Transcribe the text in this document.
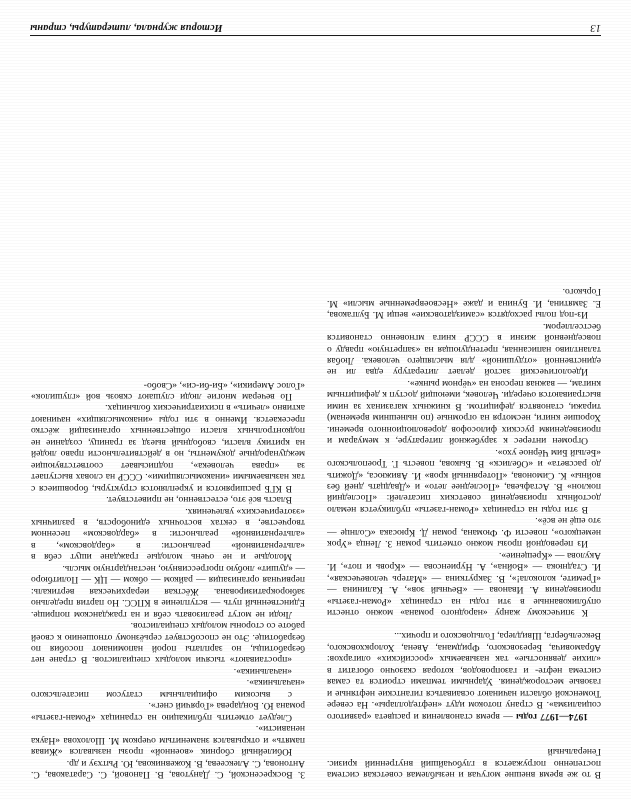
В то же время внешне могучая и незыблемая советская система постепенно погружается в глубочайший внутренний кризис. Генеральный

1974—1977 годы — время становления и расцвета «развитого социализма». В страну потоком идут «нефтедоллары». На севере Тюменской области начинают осваиваться гигантские нефтяные и газовые месторождения. Ударными темпами строится та самая система нефте- и газопроводов, которая сказочно обогатит в «лихие девяностые» так называемых «российских» олигархов: Абрамовича, Березовского, Фридмана, Авена, Холоркховского, Вексельберга, Швидлера, Гольцовского и прочих...

К эпическому жанру «народного романа» можно отнести опубликованные в эти годы на страницах «Роман-газеты» произведения А. Иванова — «Вечный зов», А. Калинина — «Гремите, колокола!», В. Закруткина — «Матерь человеческая», И. Стаднюка — «Война», А. Нуриенсова — «Кровь и пот», И. Акулова — «Крещение».

Из переводной прозы можно отметить роман З. Ленца «Урок немецкого», повести Ф. Фюмана, роман Д. Крюсака «Солнце — это ещё не всё».

В эти годы на страницах «Роман-газеты» публикуется немало достойных произведений советских писателей: «Последний поклон» В. Астафьева, «Последнее лето» и «Двадцать дней без войны» К. Симонова, «Потерянный кров» И. Авижюса, «Дожить до рассвета» и «Обелиск» В. Быкова, повесть Г. Троепольского «Белый Бим Чёрное ухо».

Огромен интерес к зарубежной литературе, к мемуарам и произведениям русских философов дореволюционного времени. Хорошие книги, несмотря на огромные (по нынешним временам) тиражи, становятся дефицитом. В книжных магазинах за ними выстраиваются очереди. Человек, имеющий доступ к дефицитным книгам, — важная персона на «чёрном рынке».

Идеологический застой делает литературу едва ли не единственной «отдушиной» для мыслящего человека. Любая талантливо написанная, претендующая на «запретную» правду о повседневной жизни в СССР книга мгновенно становится бестселлером.

Из-под полы расходятся «самиздатовские» вещи М. Булгакова, Е. Замятина, И. Бунина и даже «Несвоевременные мысли» М. Горького.

3. Воскресенской, С. Данутова, В. Пановой, С. Саратакова, С. Антонова, С. Алексеева, В. Кожевникова, Ю. Рытхэу и др.

Юбилейный сборник «военной» прозы назывался «Живая память» и открывался знаменитым очерком М. Шолохова «Наука ненависти».

Следует отметить публикацию на страницах «Роман-газеты» романа Ю. Бондарева «Горячий снег».

с высоким официальным статусом писательского «начальника».

«начальника».

«простаивают» тысячи молодых специалистов. В стране нет безработицы, но зарплаты порой напоминают пособия по безработице. Это не способствует серьёзному отношению к своей работе со стороны молодых специалистов.

Люди не могут реализовать себя и на гражданском поприще. Единственный путь — вступление в КПСС. Но партия предельно забюрократизирована. Жёсткая иерархическая вертикаль: первичная организация — райком — обком — ЦК — Политбюро — «душит» любую прогрессивную, нестандартную мысль.

Молодые и не очень молодые граждане ищут себя в «альтернативной» реальности: в «бардовском», в «альтернативной» реальности: в «бардовском» песенном творчестве, в сектах восточных единоборств, в различных «эзотерических» увлечениях.

Власть всё это, естественно, не приветствует.

В КГБ расширяются и укрепляются структуры, боровшиеся с так называемыми «инакомыслящими». СССР на словах выступает за «права человека», подписывает соответствующие международные документы, но в действительности право людей на критику власти, свободный выезд за границу, создание не подконтрольных власти общественных организаций жёстко пресекается. Именно в эти годы «инакомыслящих» начинают активно «лечить» в психиатрических больницах.

По вечерам многие люди слушают сквозь вой «глушилок» «Голос Америки», «Би-би-си», «Свобо-

13
История журнала, литературы, страны
